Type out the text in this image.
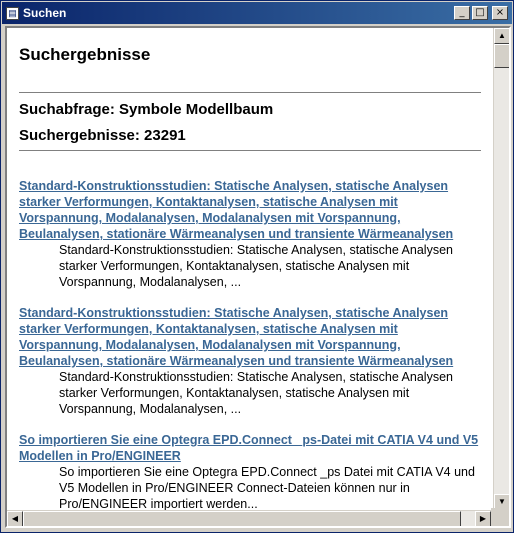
▤ Suchen	_	□	×
Suchergebnisse
Suchabfrage: Symbole Modellbaum
Suchergebnisse: 23291
Standard-Konstruktionsstudien: Statische Analysen, statische Analysen starker Verformungen, Kontaktanalysen, statische Analysen mit Vorspannung, Modalanalysen, Modalanalysen mit Vorspannung, Beulanalysen, stationäre Wärmeanalysen und transiente Wärmeanalysen
Standard-Konstruktionsstudien: Statische Analysen, statische Analysen starker Verformungen, Kontaktanalysen, statische Analysen mit Vorspannung, Modalanalysen, ...
Standard-Konstruktionsstudien: Statische Analysen, statische Analysen starker Verformungen, Kontaktanalysen, statische Analysen mit Vorspannung, Modalanalysen, Modalanalysen mit Vorspannung, Beulanalysen, stationäre Wärmeanalysen und transiente Wärmeanalysen
Standard-Konstruktionsstudien: Statische Analysen, statische Analysen starker Verformungen, Kontaktanalysen, statische Analysen mit Vorspannung, Modalanalysen, ...
So importieren Sie eine Optegra EPD.Connect _ps-Datei mit CATIA V4 und V5 Modellen in Pro/ENGINEER
So importieren Sie eine Optegra EPD.Connect _ps Datei mit CATIA V4 und V5 Modellen in Pro/ENGINEER Connect-Dateien können nur in Pro/ENGINEER importiert werden...
▲
▼
◀	▶
